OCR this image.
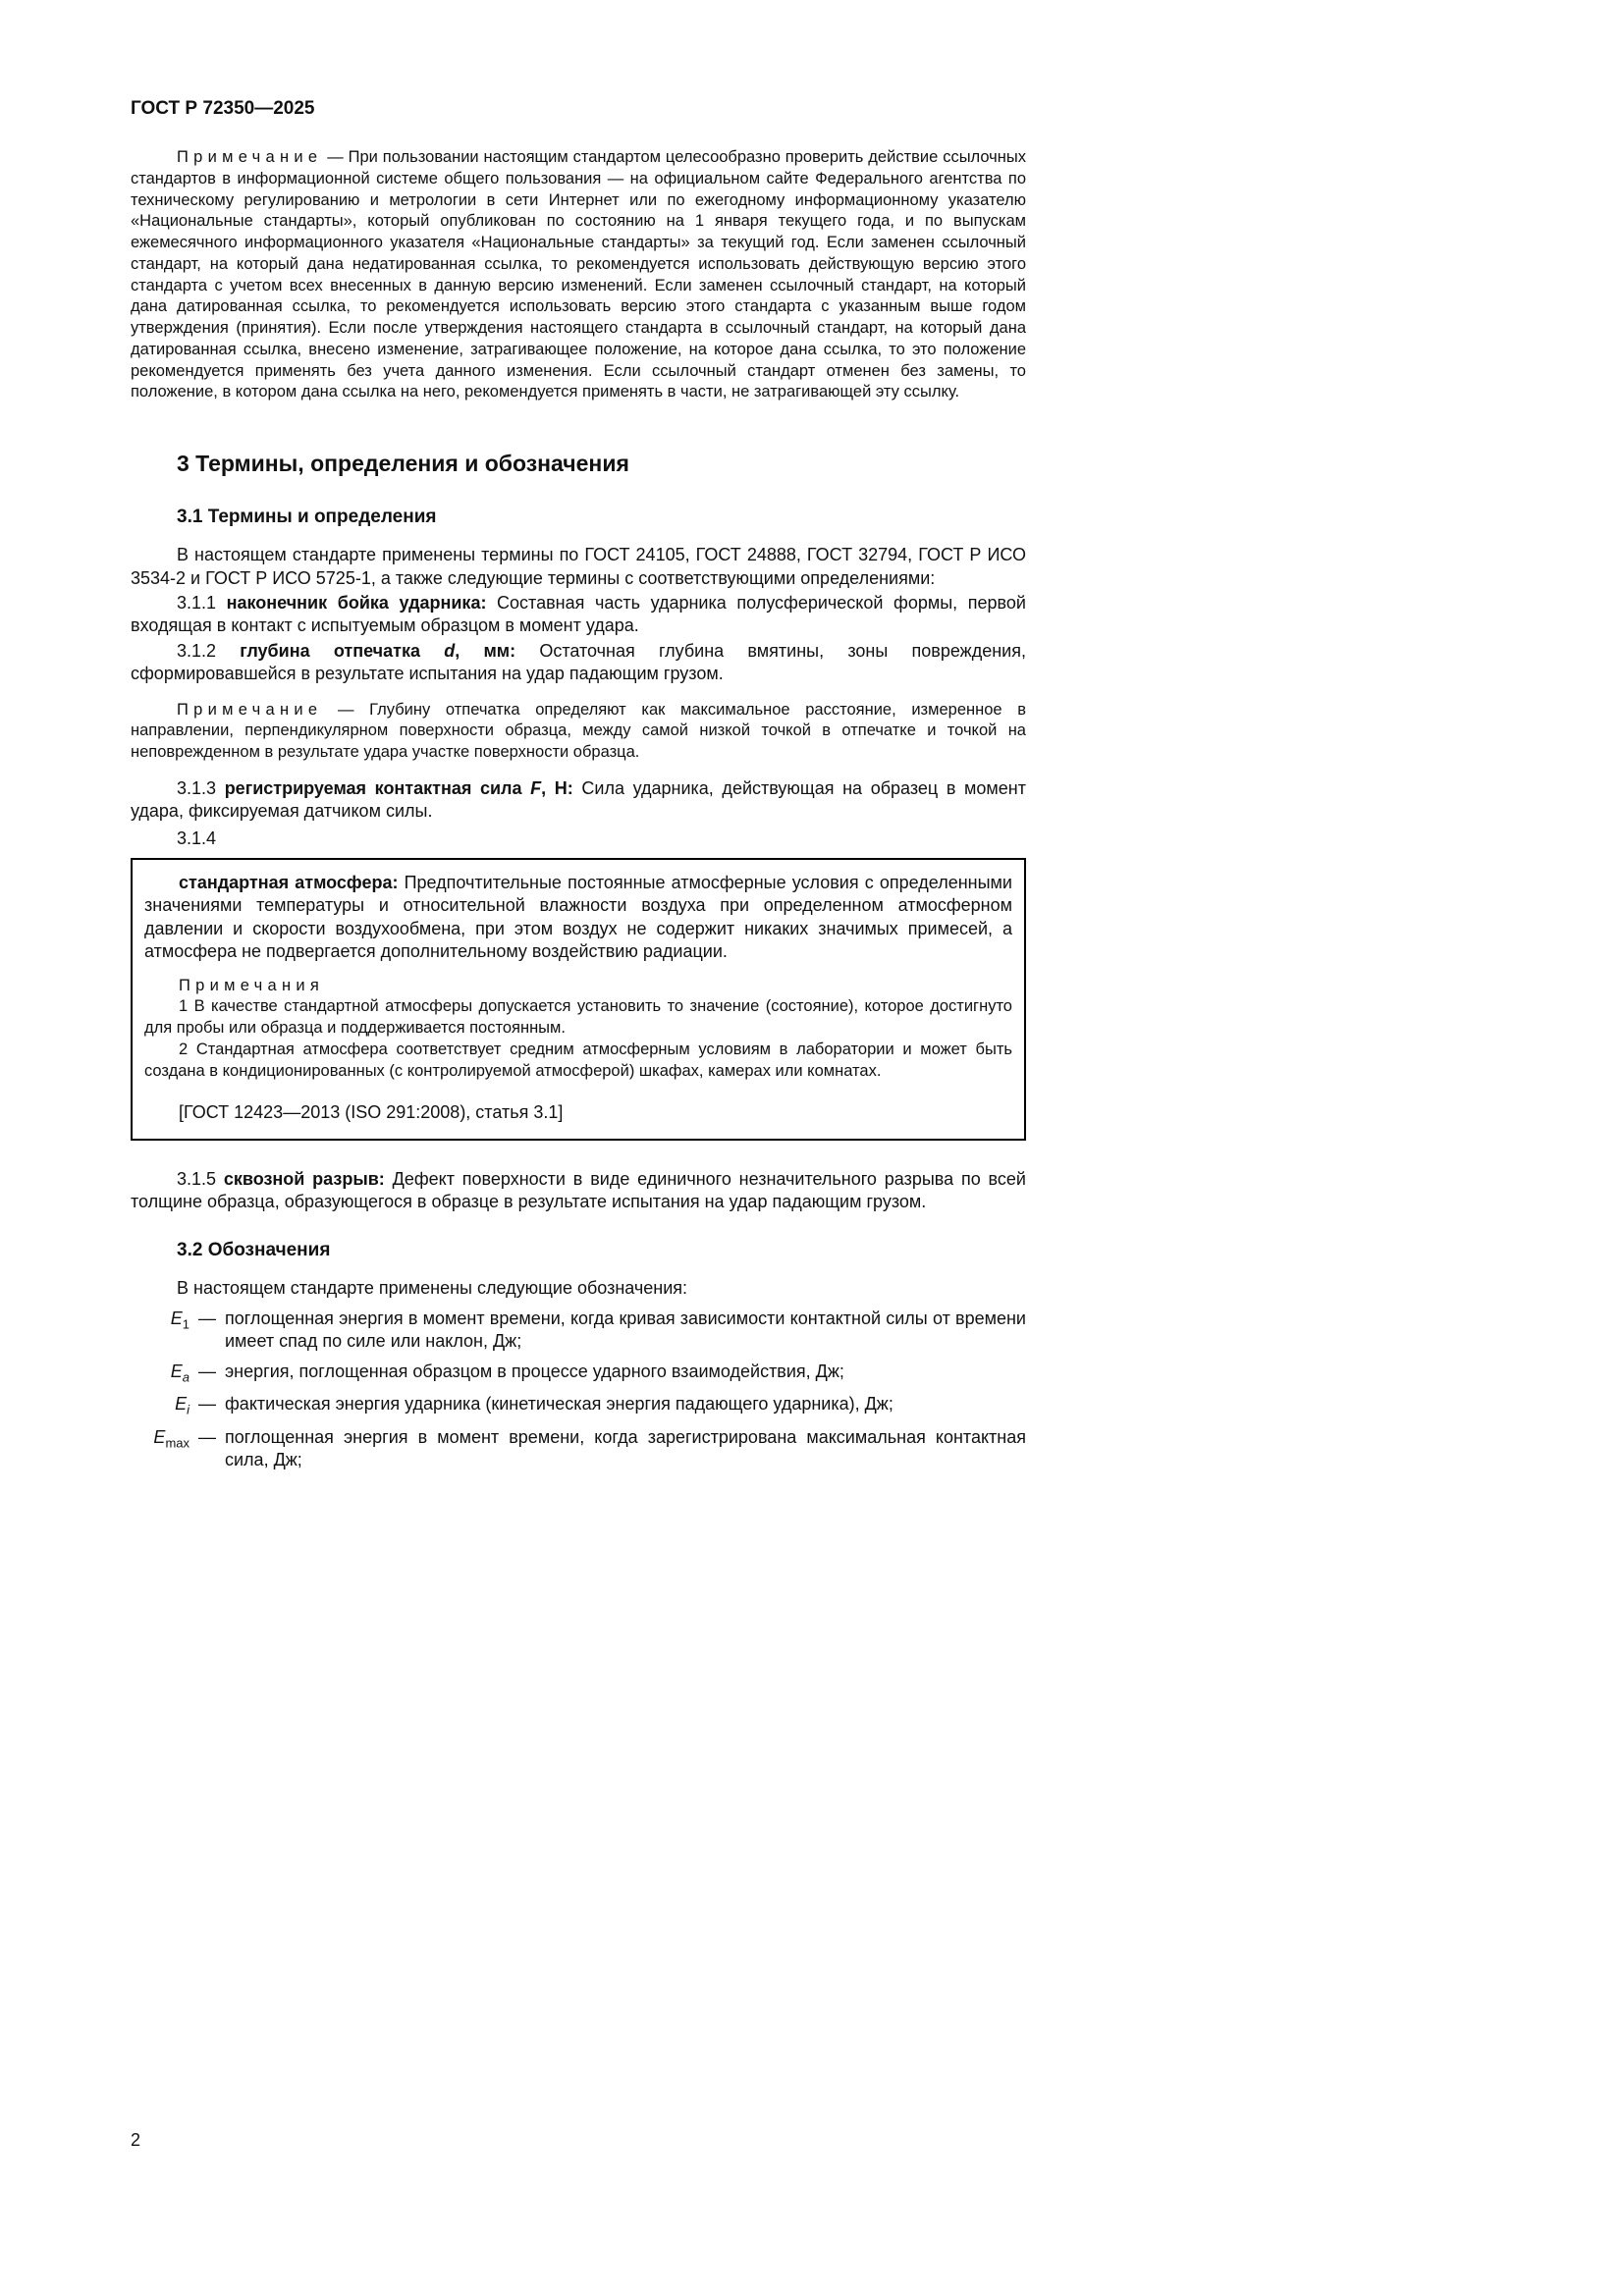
ГОСТ Р 72350—2025

Примечание — При пользовании настоящим стандартом целесообразно проверить действие ссылочных стандартов в информационной системе общего пользования — на официальном сайте Федерального агентства по техническому регулированию и метрологии в сети Интернет или по ежегодному информационному указателю «Национальные стандарты», который опубликован по состоянию на 1 января текущего года, и по выпускам ежемесячного информационного указателя «Национальные стандарты» за текущий год. Если заменен ссылочный стандарт, на который дана недатированная ссылка, то рекомендуется использовать действующую версию этого стандарта с учетом всех внесенных в данную версию изменений. Если заменен ссылочный стандарт, на который дана датированная ссылка, то рекомендуется использовать версию этого стандарта с указанным выше годом утверждения (принятия). Если после утверждения настоящего стандарта в ссылочный стандарт, на который дана датированная ссылка, внесено изменение, затрагивающее положение, на которое дана ссылка, то это положение рекомендуется применять без учета данного изменения. Если ссылочный стандарт отменен без замены, то положение, в котором дана ссылка на него, рекомендуется применять в части, не затрагивающей эту ссылку.

3 Термины, определения и обозначения
3.1 Термины и определения

В настоящем стандарте применены термины по ГОСТ 24105, ГОСТ 24888, ГОСТ 32794, ГОСТ Р ИСО 3534-2 и ГОСТ Р ИСО 5725-1, а также следующие термины с соответствующими определениями:

3.1.1 наконечник бойка ударника: Составная часть ударника полусферической формы, первой входящая в контакт с испытуемым образцом в момент удара.

3.1.2 глубина отпечатка d, мм: Остаточная глубина вмятины, зоны повреждения, сформировавшейся в результате испытания на удар падающим грузом.

Примечание — Глубину отпечатка определяют как максимальное расстояние, измеренное в направлении, перпендикулярном поверхности образца, между самой низкой точкой в отпечатке и точкой на неповрежденном в результате удара участке поверхности образца.

3.1.3 регистрируемая контактная сила F, Н: Сила ударника, действующая на образец в момент удара, фиксируемая датчиком силы.

3.1.4

стандартная атмосфера: Предпочтительные постоянные атмосферные условия с определенными значениями температуры и относительной влажности воздуха при определенном атмосферном давлении и скорости воздухообмена, при этом воздух не содержит никаких значимых примесей, а атмосфера не подвергается дополнительному воздействию радиации.

Примечания

1 В качестве стандартной атмосферы допускается установить то значение (состояние), которое достигнуто для пробы или образца и поддерживается постоянным.

2 Стандартная атмосфера соответствует средним атмосферным условиям в лаборатории и может быть создана в кондиционированных (с контролируемой атмосферой) шкафах, камерах или комнатах.

[ГОСТ 12423—2013 (ISO 291:2008), статья 3.1]

3.1.5 сквозной разрыв: Дефект поверхности в виде единичного незначительного разрыва по всей толщине образца, образующегося в образце в результате испытания на удар падающим грузом.

3.2 Обозначения

В настоящем стандарте применены следующие обозначения:

$E_1$ — поглощенная энергия в момент времени, когда кривая зависимости контактной силы от времени имеет спад по силе или наклон, Дж;
$E_a$ — энергия, поглощенная образцом в процессе ударного взаимодействия, Дж;
$E_i$ — фактическая энергия ударника (кинетическая энергия падающего ударника), Дж;
$E_{max}$ — поглощенная энергия в момент времени, когда зарегистрирована максимальная контактная сила, Дж;
2
